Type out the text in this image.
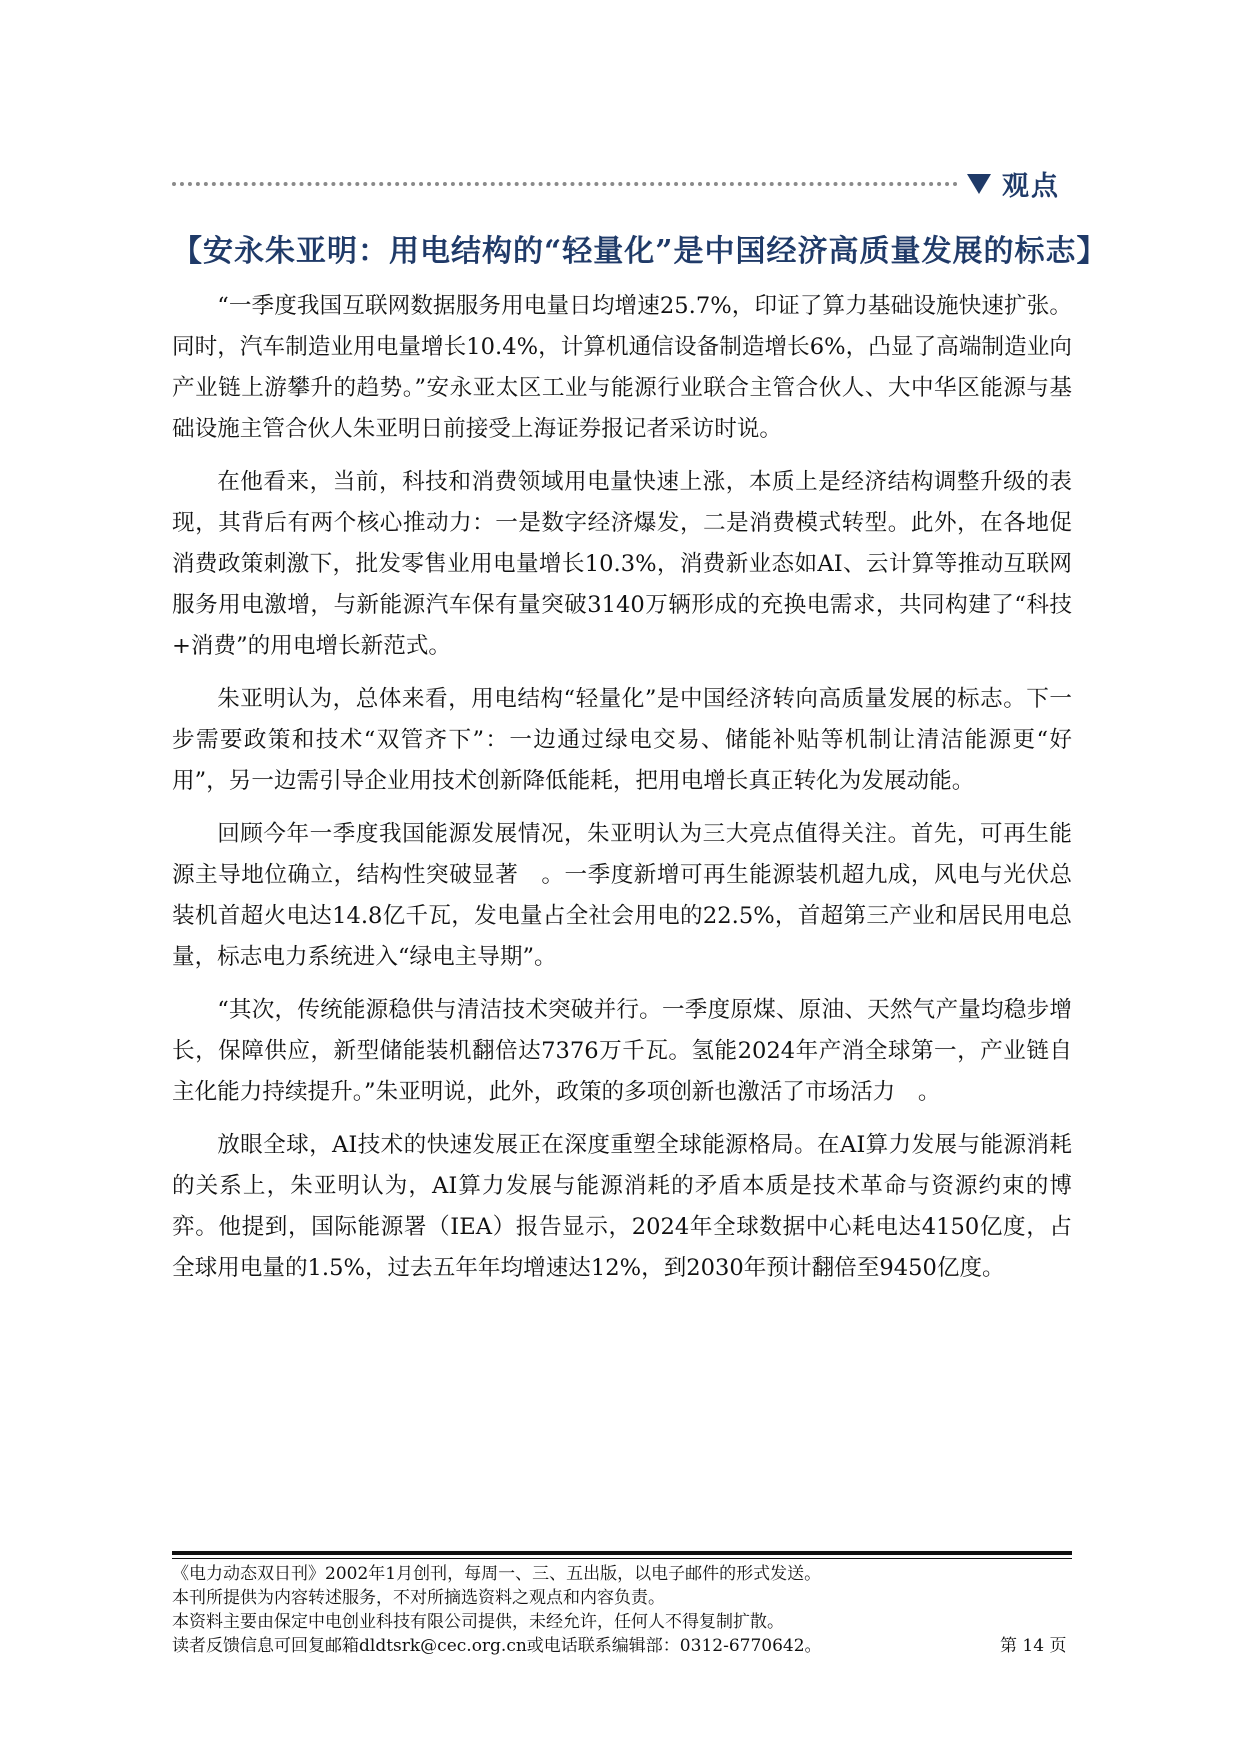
观点
【安永朱亚明：用电结构的“轻量化”是中国经济高质量发展的标志】

“一季度我国互联网数据服务用电量日均增速25.7%，印证了算力基础设施快速扩张。同时，汽车制造业用电量增长10.4%，计算机通信设备制造增长6%，凸显了高端制造业向产业链上游攀升的趋势。”安永亚太区工业与能源行业联合主管合伙人、大中华区能源与基础设施主管合伙人朱亚明日前接受上海证券报记者采访时说。

在他看来，当前，科技和消费领域用电量快速上涨，本质上是经济结构调整升级的表现，其背后有两个核心推动力：一是数字经济爆发，二是消费模式转型。此外，在各地促消费政策刺激下，批发零售业用电量增长10.3%，消费新业态如AI、云计算等推动互联网服务用电激增，与新能源汽车保有量突破3140万辆形成的充换电需求，共同构建了“科技+消费”的用电增长新范式。

朱亚明认为，总体来看，用电结构“轻量化”是中国经济转向高质量发展的标志。下一步需要政策和技术“双管齐下”：一边通过绿电交易、储能补贴等机制让清洁能源更“好用”，另一边需引导企业用技术创新降低能耗，把用电增长真正转化为发展动能。

回顾今年一季度我国能源发展情况，朱亚明认为三大亮点值得关注。首先，可再生能源主导地位确立，结构性突破显著　。一季度新增可再生能源装机超九成，风电与光伏总装机首超火电达14.8亿千瓦，发电量占全社会用电的22.5%，首超第三产业和居民用电总量，标志电力系统进入“绿电主导期”。

“其次，传统能源稳供与清洁技术突破并行。一季度原煤、原油、天然气产量均稳步增长，保障供应，新型储能装机翻倍达7376万千瓦。氢能2024年产消全球第一，产业链自主化能力持续提升。”朱亚明说，此外，政策的多项创新也激活了市场活力　。

放眼全球，AI技术的快速发展正在深度重塑全球能源格局。在AI算力发展与能源消耗的关系上，朱亚明认为，AI算力发展与能源消耗的矛盾本质是技术革命与资源约束的博弈。他提到，国际能源署（IEA）报告显示，2024年全球数据中心耗电达4150亿度，占全球用电量的1.5%，过去五年年均增速达12%，到2030年预计翻倍至9450亿度。

《电力动态双日刊》2002年1月创刊，每周一、三、五出版，以电子邮件的形式发送。
本刊所提供为内容转述服务，不对所摘选资料之观点和内容负责。
本资料主要由保定中电创业科技有限公司提供，未经允许，任何人不得复制扩散。
读者反馈信息可回复邮箱dldtsrk@cec.org.cn或电话联系编辑部：0312-6770642。	第 14 页
